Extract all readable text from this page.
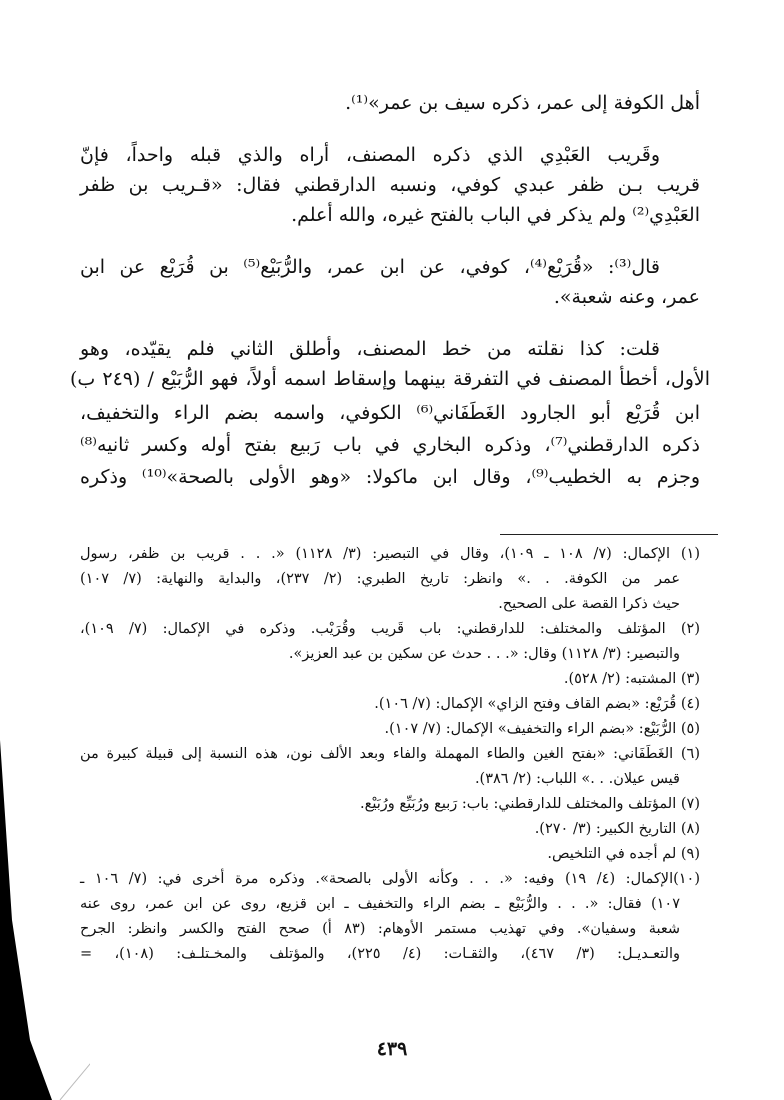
أهل الكوفة إلى عمر، ذكره سيف بن عمر»⁽¹⁾.
وقَريب العَبْدِي الذي ذكره المصنف، أراه والذي قبله واحداً، فإنّ
قريب بـن ظفر عبدي كوفي، ونسبه الدارقطني فقال: «قـريب بن ظفر
العَبْدِي⁽²⁾ ولم يذكر في الباب بالفتح غيره، والله أعلم.
قال⁽³⁾: «قُرَيْع⁽⁴⁾، كوفي، عن ابن عمر، والرُّبَيْع⁽⁵⁾ بن قُرَيْع عن ابن
عمر، وعنه شعبة».
قلت: كذا نقلته من خط المصنف، وأطلق الثاني فلم يقيّده، وهو
الأول، أخطأ المصنف في التفرقة بينهما وإسقاط اسمه أولاً، فهو الرُّبَيْع / (٢٤٩ ب)
ابن قُرَيْع أبو الجارود الغَطَفَاني⁽⁶⁾ الكوفي، واسمه بضم الراء والتخفيف،
ذكره الدارقطني⁽⁷⁾، وذكره البخاري في باب رَبيع بفتح أوله وكسر ثانيه⁽⁸⁾
وجزم به الخطيب⁽⁹⁾، وقال ابن ماكولا: «وهو الأولى بالصحة»⁽¹⁰⁾ وذكره
(١) الإكمال: (٧/ ١٠٨ ـ ١٠٩)، وقال في التبصير: (٣/ ١١٢٨) «. . . قريب بن ظفر، رسول
عمر من الكوفة. . .» وانظر: تاريخ الطبري: (٢/ ٢٣٧)، والبداية والنهاية: (٧/ ١٠٧)
حيث ذكرا القصة على الصحيح.
(٢) المؤتلف والمختلف: للدارقطني: باب قَريب وقُرَيْب. وذكره في الإكمال: (٧/ ١٠٩)،
والتبصير: (٣/ ١١٢٨) وقال: «. . . حدث عن سكين بن عبد العزيز».
(٣) المشتبه: (٢/ ٥٢٨).
(٤) قُرَيْع: «بضم القاف وفتح الزاي» الإكمال: (٧/ ١٠٦).
(٥) الرُّبَيْع: «بضم الراء والتخفيف» الإكمال: (٧/ ١٠٧).
(٦) الغَطَفَاني: «بفتح الغين والطاء المهملة والفاء وبعد الألف نون، هذه النسبة إلى قبيلة كبيرة من
قيس عيلان. . .» اللباب: (٢/ ٣٨٦).
(٧) المؤتلف والمختلف للدارقطني: باب: رَبيع ورُبَيِّع ورُبَيْع.
(٨) التاريخ الكبير: (٣/ ٢٧٠).
(٩) لم أجده في التلخيص.
(١٠)الإكمال: (٤/ ١٩) وفيه: «. . . وكأنه الأولى بالصحة». وذكره مرة أخرى في: (٧/ ١٠٦ ـ
١٠٧) فقال: «. . . والرُّبَيْع ـ بضم الراء والتخفيف ـ ابن قزيع، روى عن ابن عمر، روى عنه
شعبة وسفيان». وفي تهذيب مستمر الأوهام: (٨٣ أ) صحح الفتح والكسر وانظر: الجرح
والتعـديـل: (٣/ ٤٦٧)، والثقـات: (٤/ ٢٢٥)، والمؤتلف والمخـتلـف: (١٠٨)، =
٤٣٩
